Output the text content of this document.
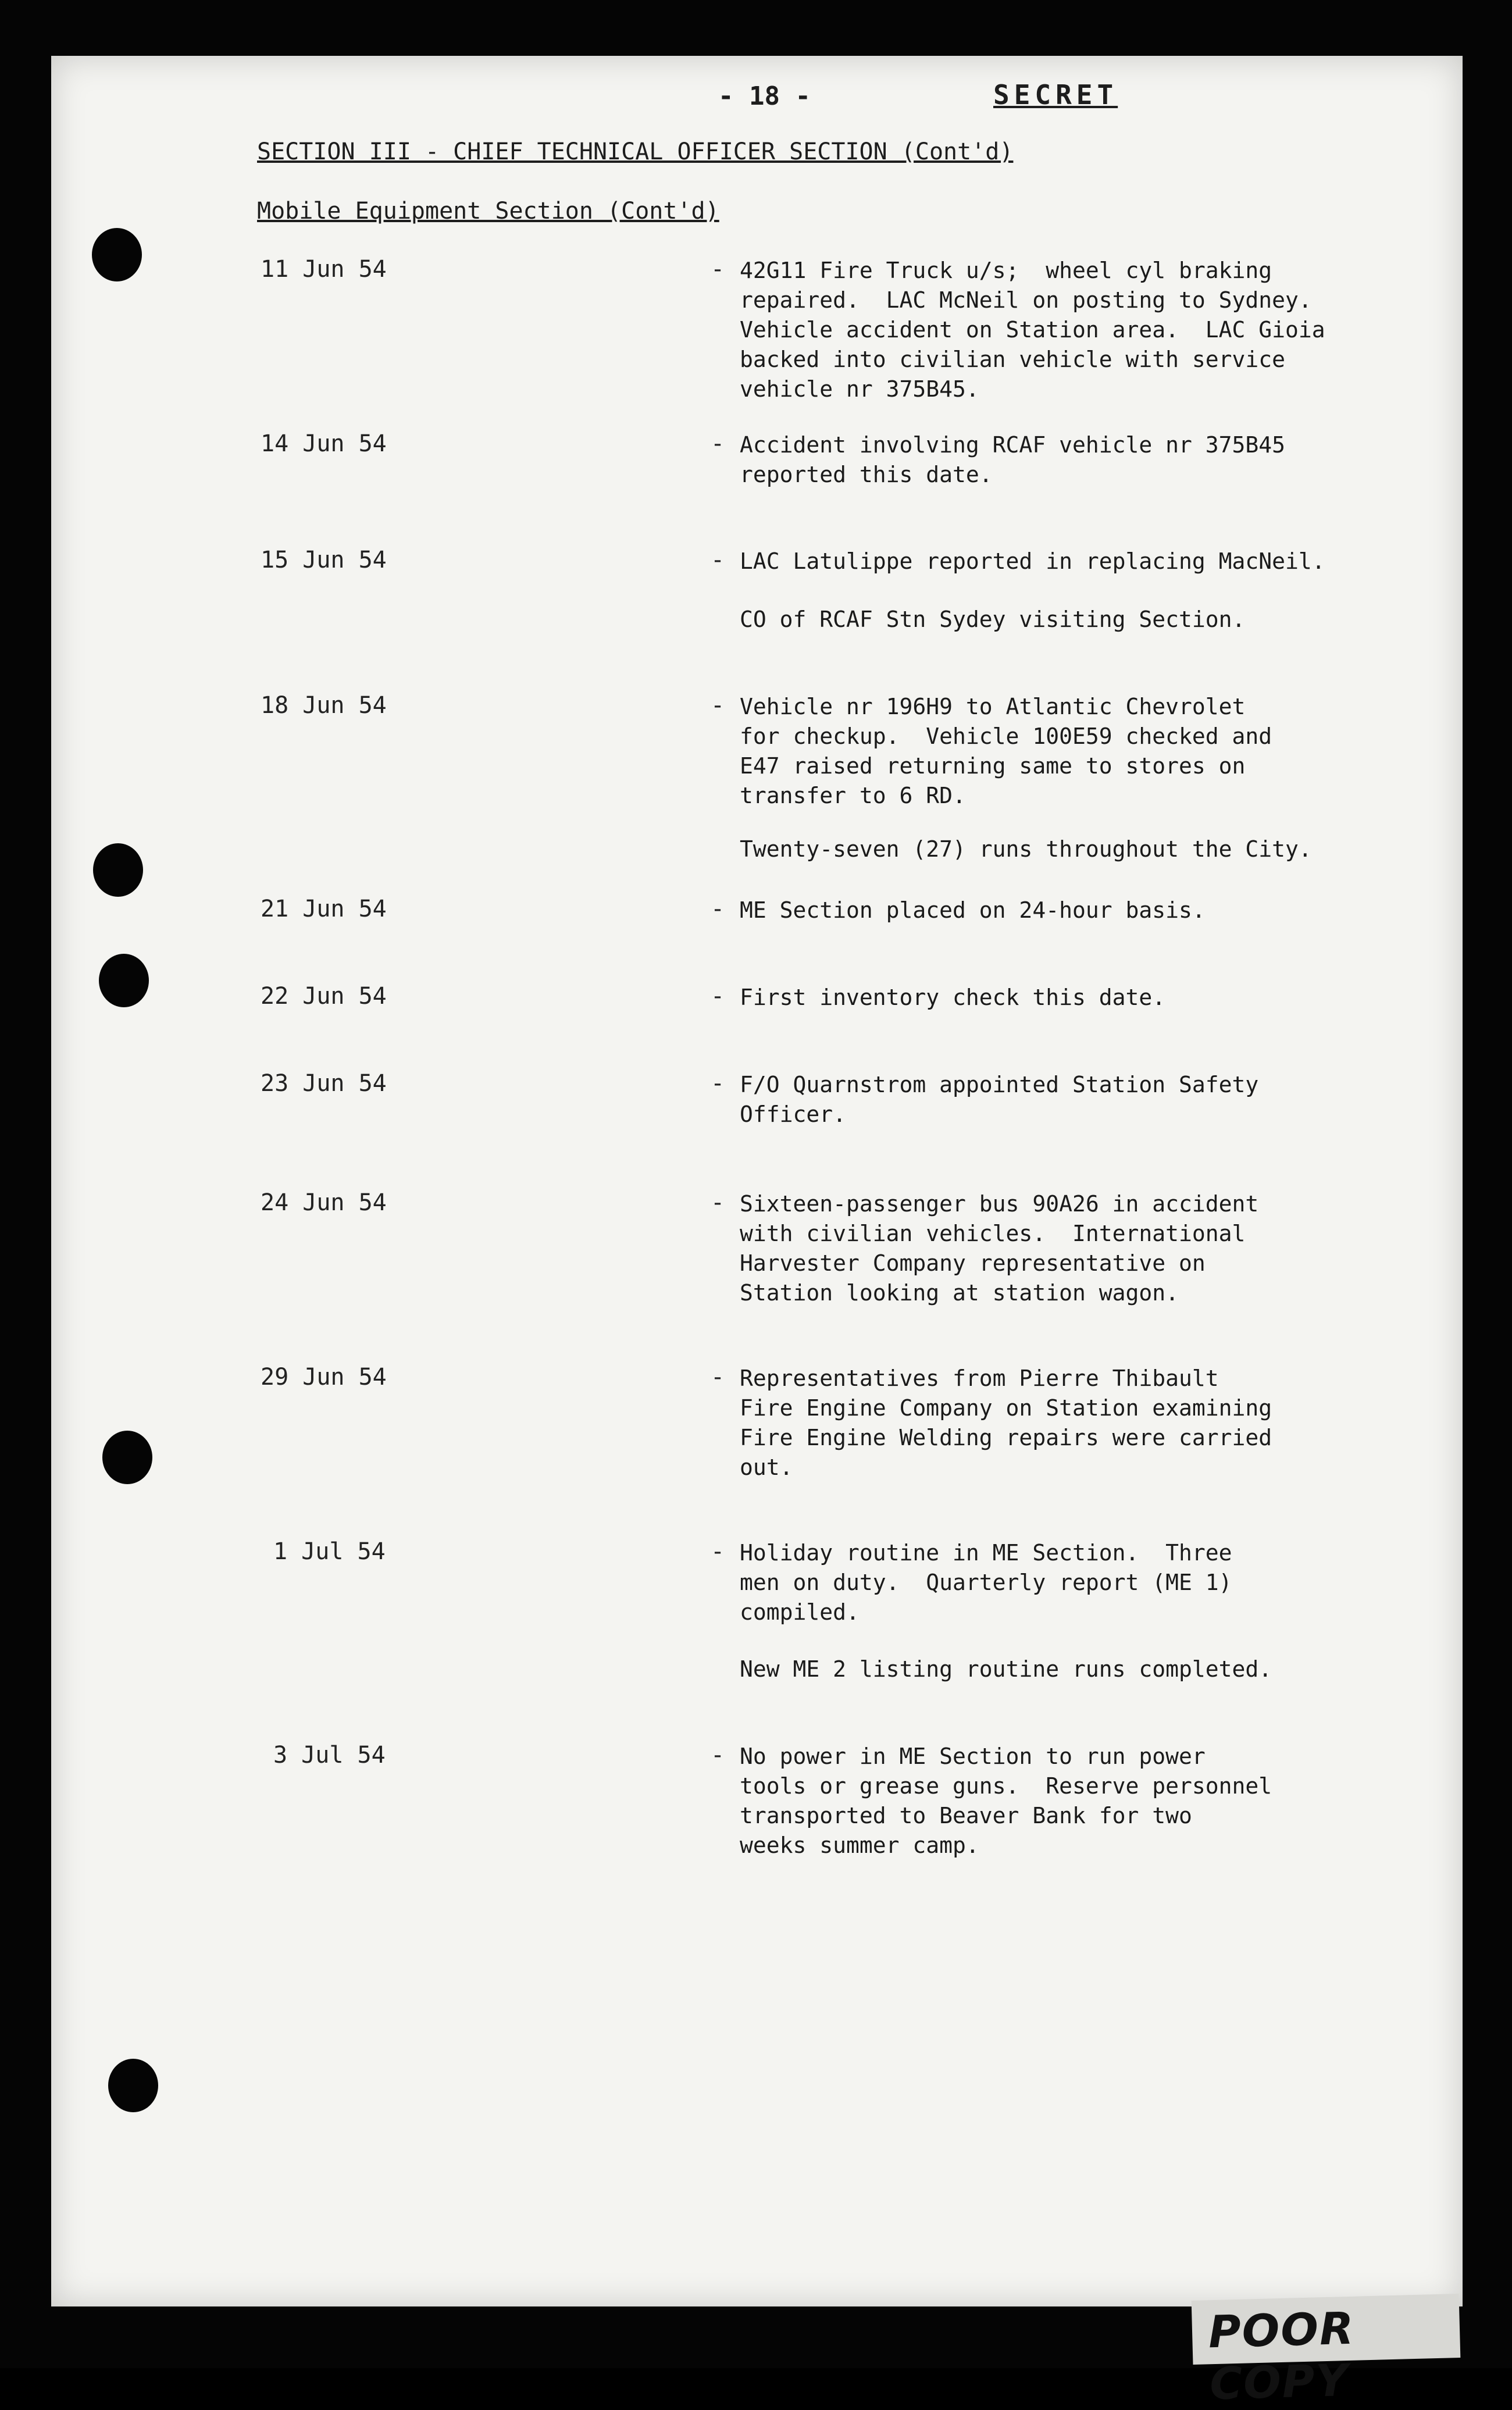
- 18 -	SECRET
SECTION III - CHIEF TECHNICAL OFFICER SECTION (Cont'd)
Mobile Equipment Section (Cont'd)
11 Jun 54	- 42G11 Fire Truck u/s;  wheel cyl braking
repaired.  LAC McNeil on posting to Sydney.
Vehicle accident on Station area.  LAC Gioia
backed into civilian vehicle with service
vehicle nr 375B45.
14 Jun 54	- Accident involving RCAF vehicle nr 375B45
reported this date.
15 Jun 54	- LAC Latulippe reported in replacing MacNeil.
CO of RCAF Stn Sydey visiting Section.
18 Jun 54	- Vehicle nr 196H9 to Atlantic Chevrolet
for checkup.  Vehicle 100E59 checked and
E47 raised returning same to stores on
transfer to 6 RD.
Twenty-seven (27) runs throughout the City.
21 Jun 54	- ME Section placed on 24-hour basis.
22 Jun 54	- First inventory check this date.
23 Jun 54	- F/O Quarnstrom appointed Station Safety
Officer.
24 Jun 54	- Sixteen-passenger bus 90A26 in accident
with civilian vehicles.  International
Harvester Company representative on
Station looking at station wagon.
29 Jun 54	- Representatives from Pierre Thibault
Fire Engine Company on Station examining
Fire Engine Welding repairs were carried
out.
1 Jul 54	- Holiday routine in ME Section.  Three
men on duty.  Quarterly report (ME 1)
compiled.
New ME 2 listing routine runs completed.
3 Jul 54	- No power in ME Section to run power
tools or grease guns.  Reserve personnel
transported to Beaver Bank for two
weeks summer camp.
POOR COPY
